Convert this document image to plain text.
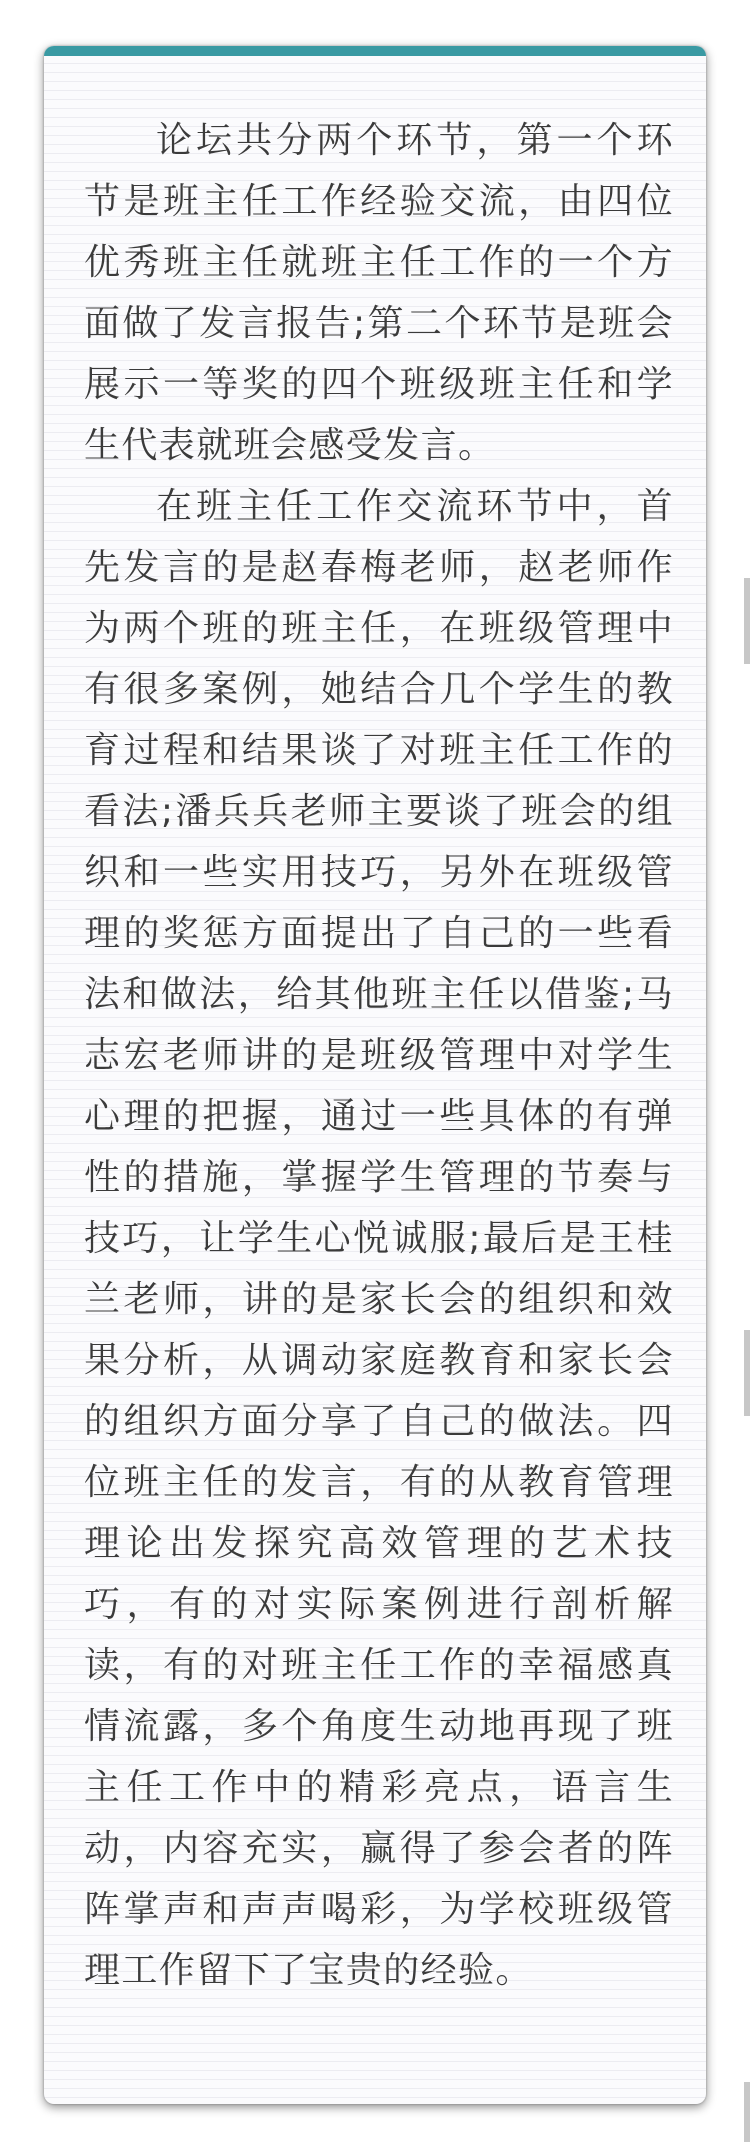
论坛共分两个环节，第一个环节是班主任工作经验交流，由四位优秀班主任就班主任工作的一个方面做了发言报告;第二个环节是班会展示一等奖的四个班级班主任和学生代表就班会感受发言。

在班主任工作交流环节中，首先发言的是赵春梅老师，赵老师作为两个班的班主任，在班级管理中有很多案例，她结合几个学生的教育过程和结果谈了对班主任工作的看法;潘兵兵老师主要谈了班会的组织和一些实用技巧，另外在班级管理的奖惩方面提出了自己的一些看法和做法，给其他班主任以借鉴;马志宏老师讲的是班级管理中对学生心理的把握，通过一些具体的有弹性的措施，掌握学生管理的节奏与技巧，让学生心悦诚服;最后是王桂兰老师，讲的是家长会的组织和效果分析，从调动家庭教育和家长会的组织方面分享了自己的做法。四位班主任的发言，有的从教育管理理论出发探究高效管理的艺术技巧，有的对实际案例进行剖析解读，有的对班主任工作的幸福感真情流露，多个角度生动地再现了班主任工作中的精彩亮点，语言生动，内容充实，赢得了参会者的阵阵掌声和声声喝彩，为学校班级管理工作留下了宝贵的经验。
